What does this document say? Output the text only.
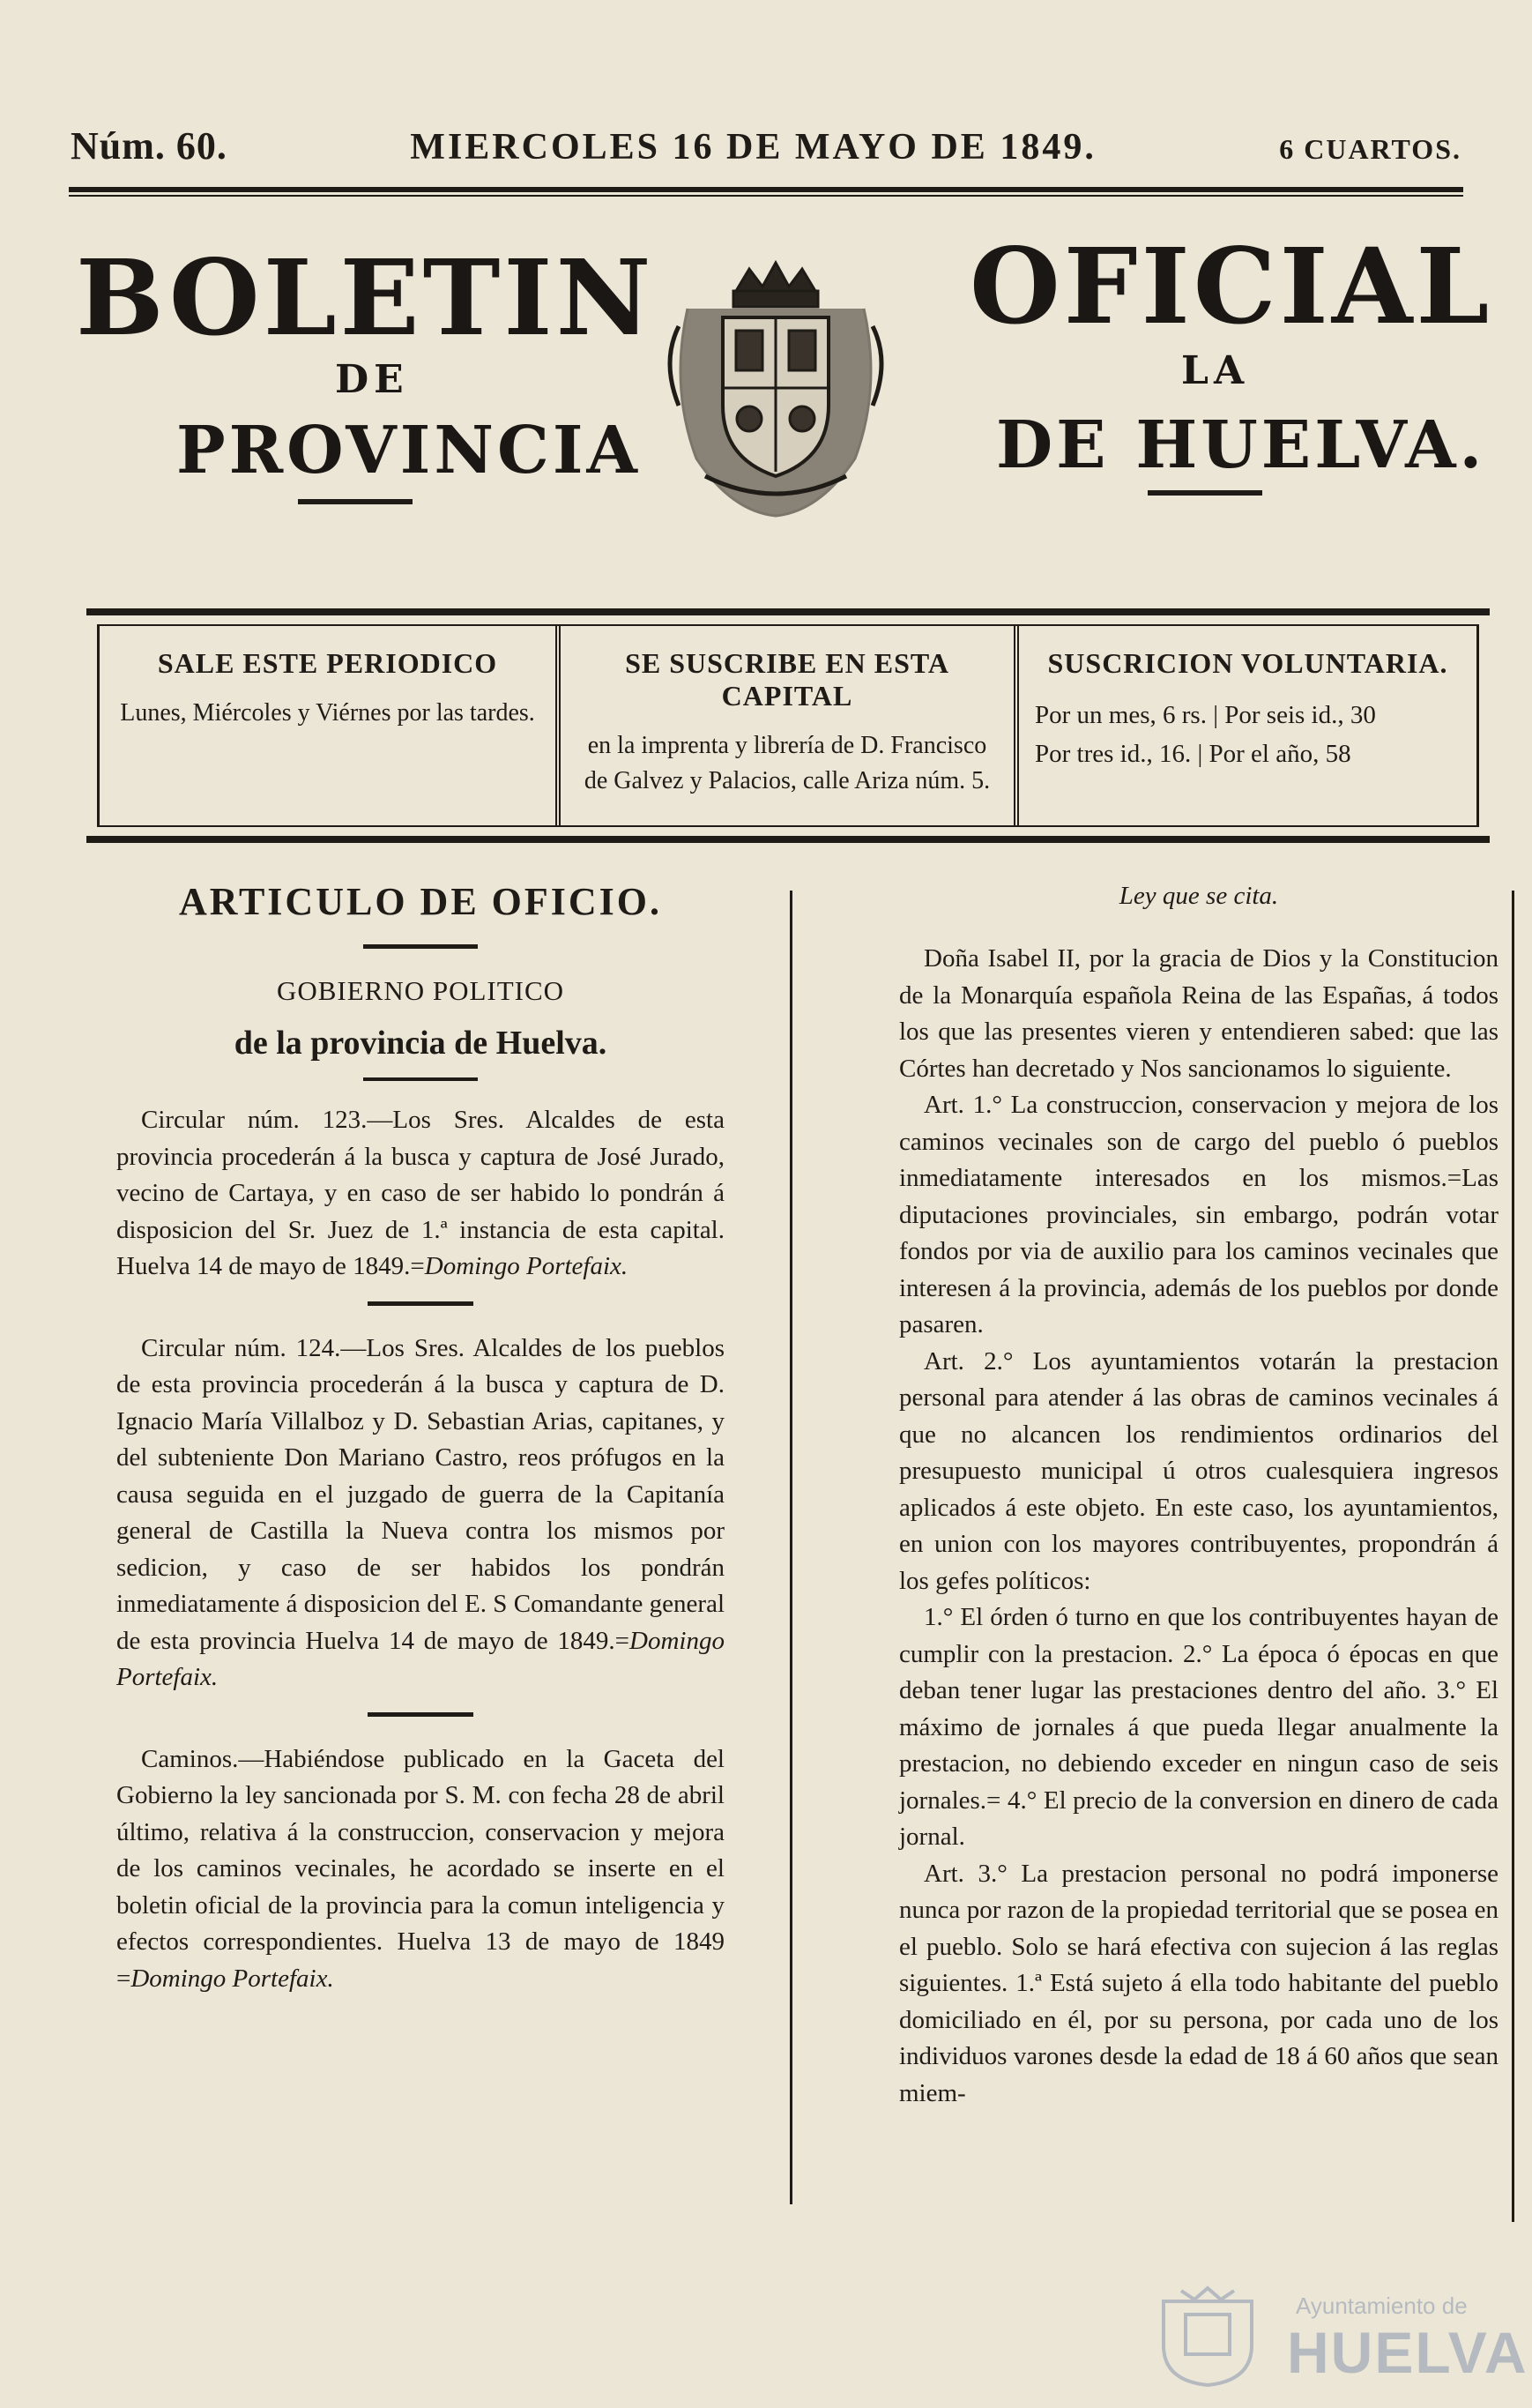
Núm. 60.	MIERCOLES 16 DE MAYO DE 1849.	6 CUARTOS.
BOLETIN	OFICIAL
DE	LA
PROVINCIA	DE HUELVA.
SALE ESTE PERIODICO
Lunes, Miércoles y Viérnes por las tardes.
SE SUSCRIBE EN ESTA CAPITAL
en la imprenta y librería de D. Francisco de Galvez y Palacios, calle Ariza núm. 5.
SUSCRICION VOLUNTARIA.
Por un mes, 6 rs. | Por seis id., 30
Por tres id., 16. | Por el año, 58
ARTICULO DE OFICIO.
GOBIERNO POLITICO
de la provincia de Huelva.

Circular núm. 123.—Los Sres. Alcaldes de esta provincia procederán á la busca y captura de José Jurado, vecino de Cartaya, y en caso de ser habido lo pondrán á disposicion del Sr. Juez de 1.ª instancia de esta capital. Huelva 14 de mayo de 1849.=Domingo Portefaix.

Circular núm. 124.—Los Sres. Alcaldes de los pueblos de esta provincia procederán á la busca y captura de D. Ignacio María Villalboz y D. Sebastian Arias, capitanes, y del subteniente Don Mariano Castro, reos prófugos en la causa seguida en el juzgado de guerra de la Capitanía general de Castilla la Nueva contra los mismos por sedicion, y caso de ser habidos los pondrán inmediatamente á disposicion del E. S Comandante general de esta provincia Huelva 14 de mayo de 1849.=Domingo Portefaix.

Caminos.—Habiéndose publicado en la Gaceta del Gobierno la ley sancionada por S. M. con fecha 28 de abril último, relativa á la construccion, conservacion y mejora de los caminos vecinales, he acordado se inserte en el boletin oficial de la provincia para la comun inteligencia y efectos correspondientes. Huelva 13 de mayo de 1849 =Domingo Portefaix.

Ley que se cita.

Doña Isabel II, por la gracia de Dios y la Constitucion de la Monarquía española Reina de las Españas, á todos los que las presentes vieren y entendieren sabed: que las Córtes han decretado y Nos sancionamos lo siguiente.

Art. 1.° La construccion, conservacion y mejora de los caminos vecinales son de cargo del pueblo ó pueblos inmediatamente interesados en los mismos.=Las diputaciones provinciales, sin embargo, podrán votar fondos por via de auxilio para los caminos vecinales que interesen á la provincia, además de los pueblos por donde pasaren.

Art. 2.° Los ayuntamientos votarán la prestacion personal para atender á las obras de caminos vecinales á que no alcancen los rendimientos ordinarios del presupuesto municipal ú otros cualesquiera ingresos aplicados á este objeto. En este caso, los ayuntamientos, en union con los mayores contribuyentes, propondrán á los gefes políticos:

1.° El órden ó turno en que los contribuyentes hayan de cumplir con la prestacion. 2.° La época ó épocas en que deban tener lugar las prestaciones dentro del año. 3.° El máximo de jornales á que pueda llegar anualmente la prestacion, no debiendo exceder en ningun caso de seis jornales.= 4.° El precio de la conversion en dinero de cada jornal.

Art. 3.° La prestacion personal no podrá imponerse nunca por razon de la propiedad territorial que se posea en el pueblo. Solo se hará efectiva con sujecion á las reglas siguientes. 1.ª Está sujeto á ella todo habitante del pueblo domiciliado en él, por su persona, por cada uno de los individuos varones desde la edad de 18 á 60 años que sean miem-

Ayuntamiento de
HUELVA
